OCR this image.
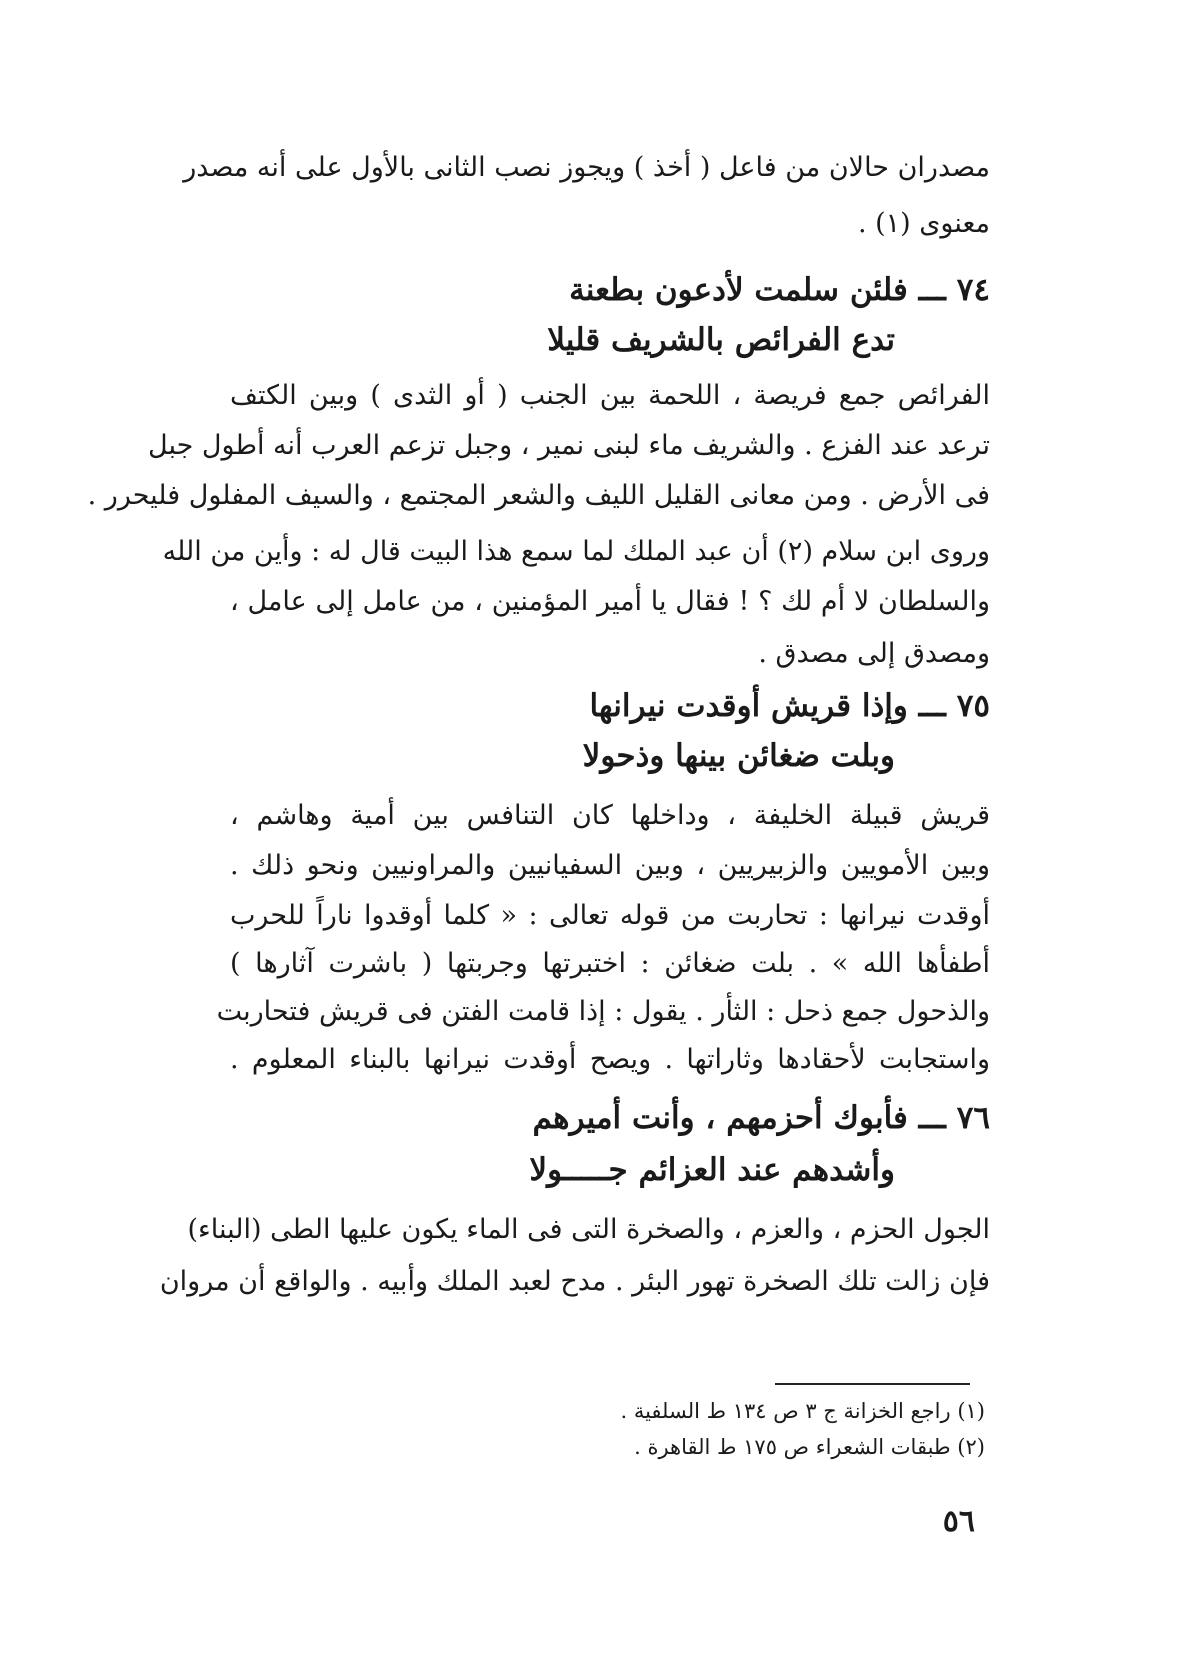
مصدران حالان من فاعل ( أخذ ) ويجوز نصب الثانى بالأول على أنه مصدر
معنوى (١) .
٧٤ ـــ فلئن سلمت لأدعون بطعنة
تدع الفرائص بالشريف قليلا
الفرائص جمع فريصة ، اللحمة بين الجنب ( أو الثدى ) وبين الكتف
ترعد عند الفزع . والشريف ماء لبنى نمير ، وجبل تزعم العرب أنه أطول جبل
فى الأرض . ومن معانى القليل الليف والشعر المجتمع ، والسيف المفلول فليحرر .
وروى ابن سلام (٢) أن عبد الملك لما سمع هذا البيت قال له : وأين من الله
والسلطان لا أم لك ؟ ! فقال يا أمير المؤمنين ، من عامل إلى عامل ،
ومصدق إلى مصدق .
٧٥ ـــ وإذا قريش أوقدت نيرانها
وبلت ضغائن بينها وذحولا
قريش قبيلة الخليفة ، وداخلها كان التنافس بين أمية وهاشم ،
وبين الأمويين والزبيريين ، وبين السفيانيين والمراونيين ونحو ذلك .
أوقدت نيرانها : تحاربت من قوله تعالى : « كلما أوقدوا ناراً للحرب
أطفأها الله » . بلت ضغائن : اختبرتها وجربتها ( باشرت آثارها )
والذحول جمع ذحل : الثأر . يقول : إذا قامت الفتن فى قريش فتحاربت
واستجابت لأحقادها وثاراتها . ويصح أوقدت نيرانها بالبناء المعلوم .
٧٦ ـــ فأبوك أحزمهم ، وأنت أميرهم
وأشدهم عند العزائم جـــــولا
الجول الحزم ، والعزم ، والصخرة التى فى الماء يكون عليها الطى (البناء)
فإن زالت تلك الصخرة تهور البئر . مدح لعبد الملك وأبيه . والواقع أن مروان
(١) راجع الخزانة ج ٣ ص ١٣٤ ط السلفية .
(٢) طبقات الشعراء ص ١٧٥ ط القاهرة .
٥٦
